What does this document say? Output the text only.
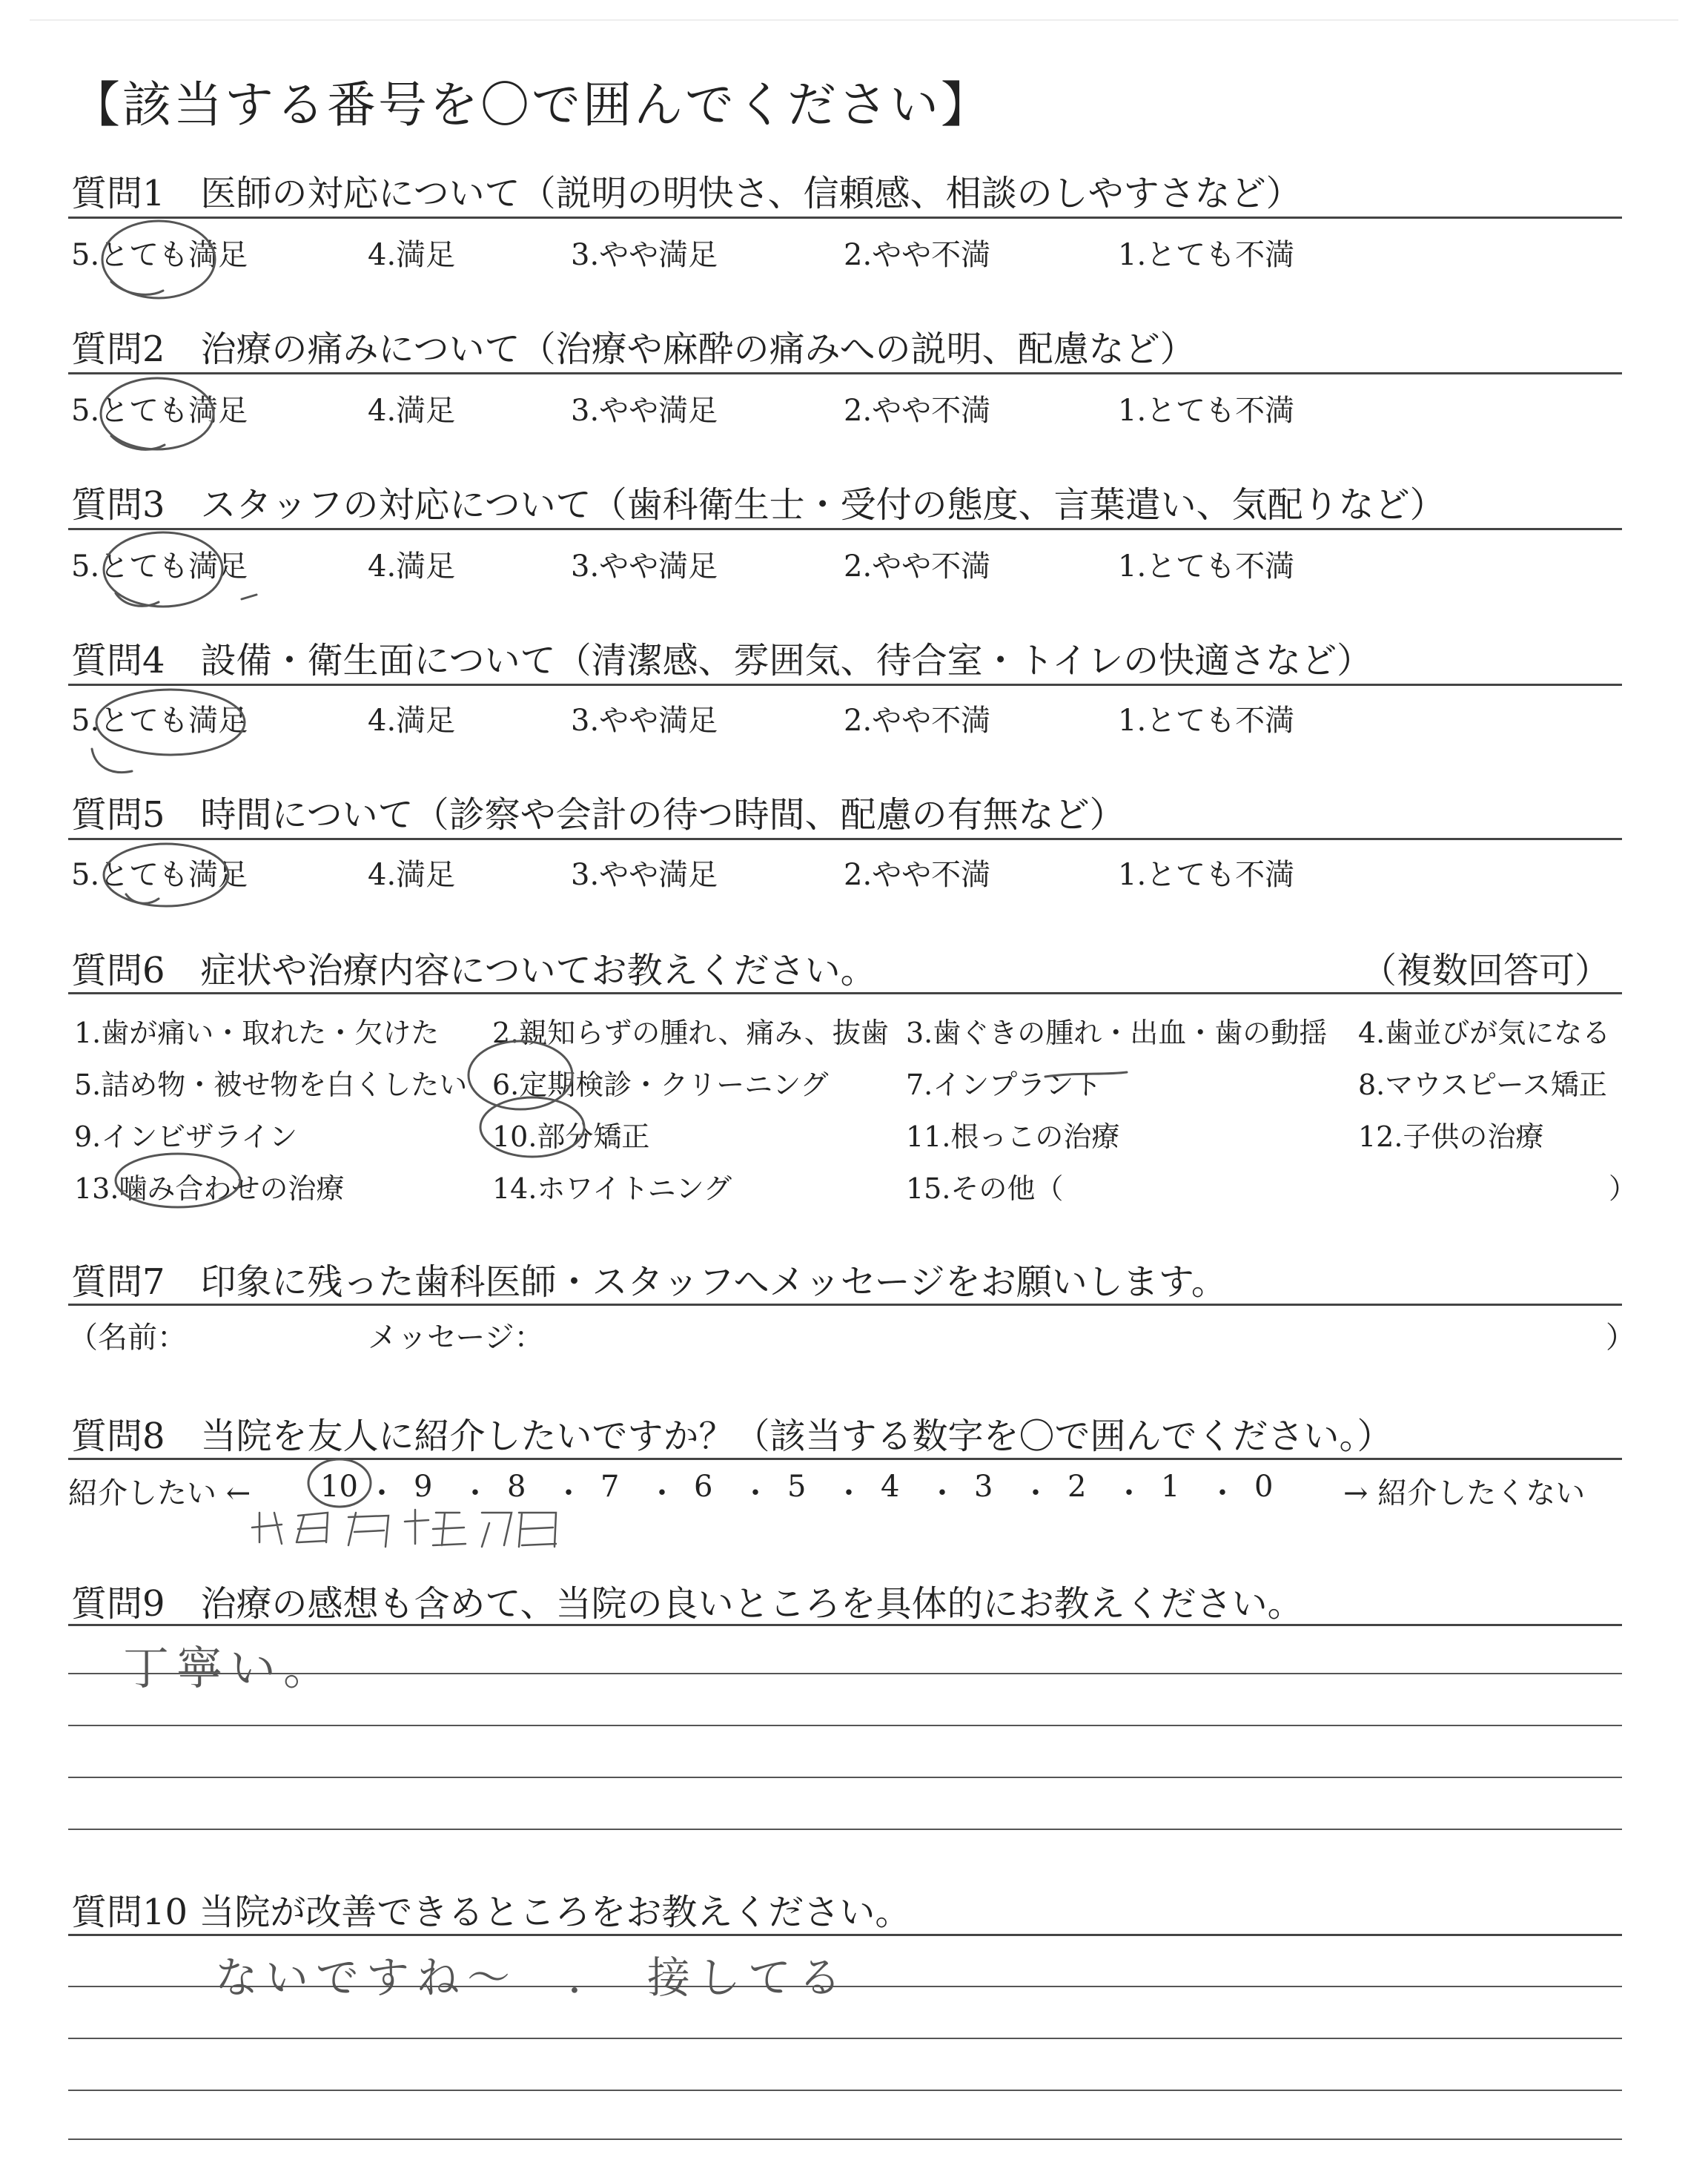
【該当する番号を〇で囲んでください】
質問1　医師の対応について（説明の明快さ、信頼感、相談のしやすさなど）
5.とても満足	4.満足	3.やや満足	2.やや不満	1.とても不満
質問2　治療の痛みについて（治療や麻酔の痛みへの説明、配慮など）
5.とても満足	4.満足	3.やや満足	2.やや不満	1.とても不満
質問3　スタッフの対応について（歯科衛生士・受付の態度、言葉遣い、気配りなど）
5.とても満足	4.満足	3.やや満足	2.やや不満	1.とても不満
質問4　設備・衛生面について（清潔感、雰囲気、待合室・トイレの快適さなど）
5.とても満足	4.満足	3.やや満足	2.やや不満	1.とても不満
質問5　時間について（診察や会計の待つ時間、配慮の有無など）
5.とても満足	4.満足	3.やや満足	2.やや不満	1.とても不満
質問6　症状や治療内容についてお教えください。	（複数回答可）
1.歯が痛い・取れた・欠けた 2.親知らずの腫れ、痛み、抜歯 3.歯ぐきの腫れ・出血・歯の動揺 4.歯並びが気になる
5.詰め物・被せ物を白くしたい 6.定期検診・クリーニング	7.インプラント	8.マウスピース矯正
9.インビザライン	10.部分矯正	11.根っこの治療	12.子供の治療
13.噛み合わせの治療	14.ホワイトニング	15.その他（	）
質問7　印象に残った歯科医師・スタッフへメッセージをお願いします。
（名前：	メッセージ：	）
質問8　当院を友人に紹介したいですか？（該当する数字を〇で囲んでください。）
紹介したい ← 10 ・ 9 ・ 8 ・ 7 ・ 6 ・ 5 ・ 4 ・ 3 ・ 2 ・ 1 ・ 0 → 紹介したくない
質問9　治療の感想も含めて、当院の良いところを具体的にお教えください。
丁寧い。
質問10 当院が改善できるところをお教えください。
ないですね〜　．　接してる
